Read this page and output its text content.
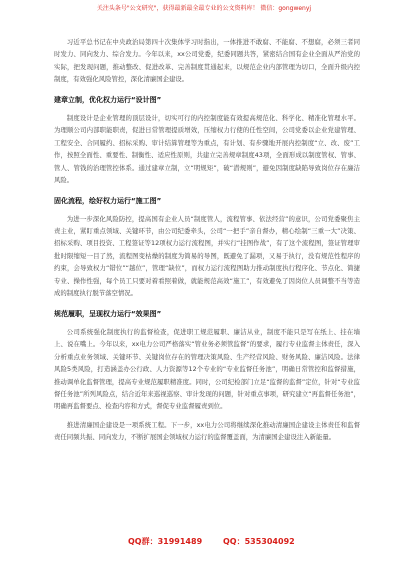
关注头条号"公文研究"，获得最新最全最专业的公文资料库！ 微信：gongwenyj

习近平总书记在中央政治局第四十次集体学习时指出，一体推进不敢腐、不能腐、不想腐，必须三者同时发力、同向发力、综合发力。今年以来，xx公司党委，纪委同题共答，紧密结合国有企业全面从严治党的实际，把发现问题，推动整改、促进改革、完善制度贯通起来，以规范企业内部管理为切口，全面升级内控制度，有效强化风险管控，深化清廉国企建设。

建章立制，优化权力运行“设计图”

制度设计是企业管理的顶层设计，切实可行的内控制度能有效提高规范化、科学化、精准化管理水平。为理顺公司内部职能职责，促进日常管理提质增效，压缩权力行使的任性空间，公司党委以企业党建管理、工程安全、合同履约、招标采购、审计结算管理等为重点，有计划、有步骤地开展内控制度“立、改、废”工作，按照全面性、重要性、制衡性、适应性原则，共建立完善规章制度43项，全面形成以制度管权、管事、管人、管钱的治理管控体系。通过建章立制，立“明规矩”，破“潜规则”，避免因制度缺陷导致岗位存在廉洁风险。

固化流程，绘好权力运行“施工图”

为进一步深化风险防控，提高国有企业人员“制度管人，流程管事、依法经营”的意识，公司党委聚焦主责主业，紧盯重点领域、关键环节，由公司纪委牵头，公司“一把手”亲自督办，精心绘制“三重一大”决策、招标采购、项目投资、工程签证等12项权力运行流程图，并实行“挂图作战”，有了这个流程图，签证管理审批时限缩短一目了然，流程图变枯燥的制度为简易的导图，既避免了漏项，又易于执行，没有规范性程序的约束，会导致权力“错位”“越位”，管理“缺位”，而权力运行流程图助力推动制度执行程序化、节点化、简捷专业、操作性强，每个员工只要对着看照着做，就能规范高效“施工”，有效避免了因岗位人员调整不当等造成的制度执行脱节落空情况。

规范履职，呈现权力运行“效果图”

公司系统强化制度执行的监督检查，促进职工规范履职、廉洁从业，制度不能只是写在纸上、挂在墙上、说在嘴上。今年以来，xx电力公司严格落实“管业务必须管监督”的要求，履行专业监督主体责任，深入分析重点业务领域、关键环节、关键岗位存在的管理决策风险、生产经营风险、财务风险、廉洁风险。法律风险5类风险，打造涵盖办公行政、人力资源等12个专业的“专业监督任务池”，明确日常管控和监督措施，推动调单化监督管理，提高专业规范履职精准度。同时，公司纪检部门立足“监督的监督”定位，针对“专业监督任务池”所列风险点，结合近年来巡视巡察、审计发现的问题，针对重点事项，研究建立“再监督任务池”，明确再监督要点、检查内容和方式，督促专业监督履责到位。

推进清廉国企建设是一项系统工程。下一步，xx电力公司将继续深化推动清廉国企建设主体责任和监督责任同频共振、同向发力，不断扩展国企领域权力运行的监督覆盖面，为清廉国企建设注入新能量。

QQ群：31991489	QQ：535304092
